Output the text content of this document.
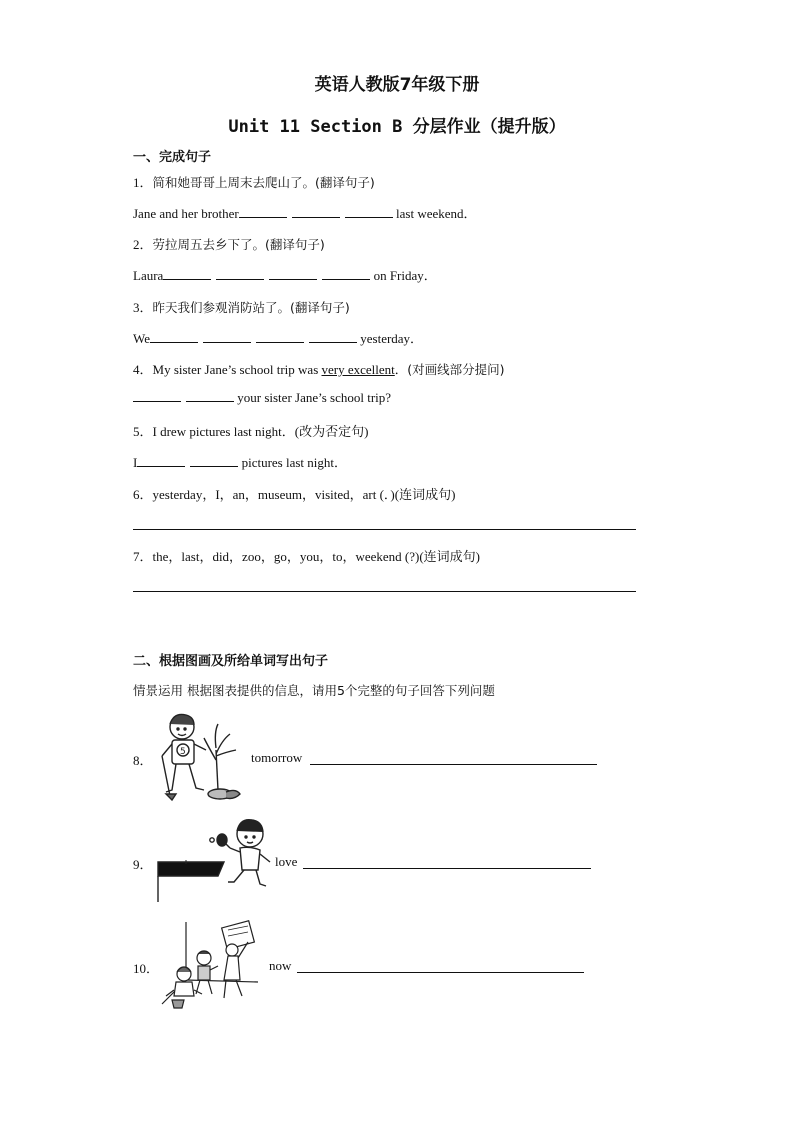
英语人教版7年级下册
Unit 11 Section B 分层作业（提升版）
一、完成句子
1．简和她哥哥上周末去爬山了。(翻译句子)
Jane and her brother	last weekend．
2．劳拉周五去乡下了。(翻译句子)
Laura	on Friday．
3．昨天我们参观消防站了。(翻译句子)
We	yesterday．
4．My sister Jane’s school trip was very excellent．(对画线部分提问)
your sister Jane’s school trip?
5．I drew pictures last night．(改为否定句)
I	pictures last night．
6．yesterday，I，an，museum，visited，art (．)(连词成句)
7．the，last，did，zoo，go，you，to，weekend (?)(连词成句)
二、根据图画及所给单词写出句子
情景运用 根据图表提供的信息，请用5个完整的句子回答下列问题
8．
5	tomorrow
9．	love
10．	now
